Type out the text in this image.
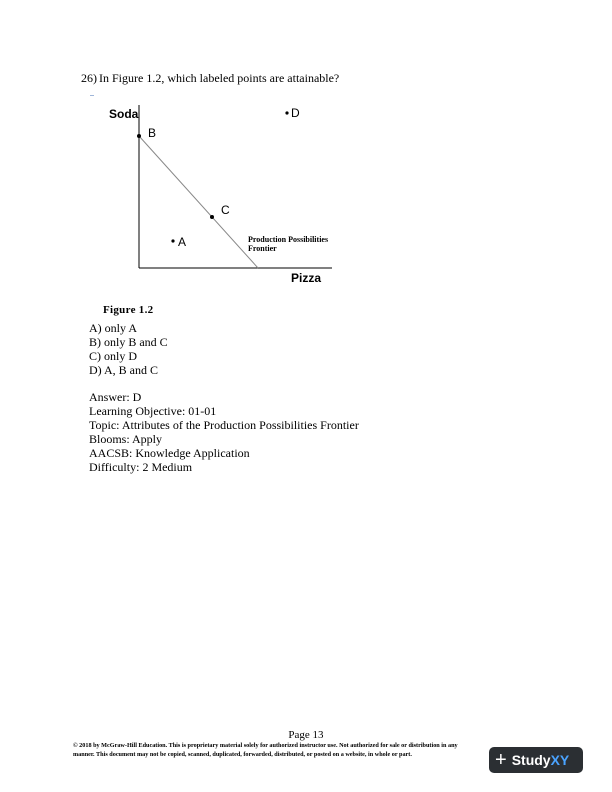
26) In Figure 1.2, which labeled points are attainable?
Soda
Pizza
B
D
C
A	Production Possibilities
Frontier
Figure 1.2
A) only A
B) only B and C
C) only D
D) A, B and C
Answer: D
Learning Objective: 01-01
Topic: Attributes of the Production Possibilities Frontier
Blooms: Apply
AACSB: Knowledge Application
Difficulty: 2 Medium
Page 13
© 2018 by McGraw-Hill Education. This is proprietary material solely for authorized instructor use. Not authorized for sale or distribution in any
manner. This document may not be copied, scanned, duplicated, forwarded, distributed, or posted on a website, in whole or part.	+ Study XY
